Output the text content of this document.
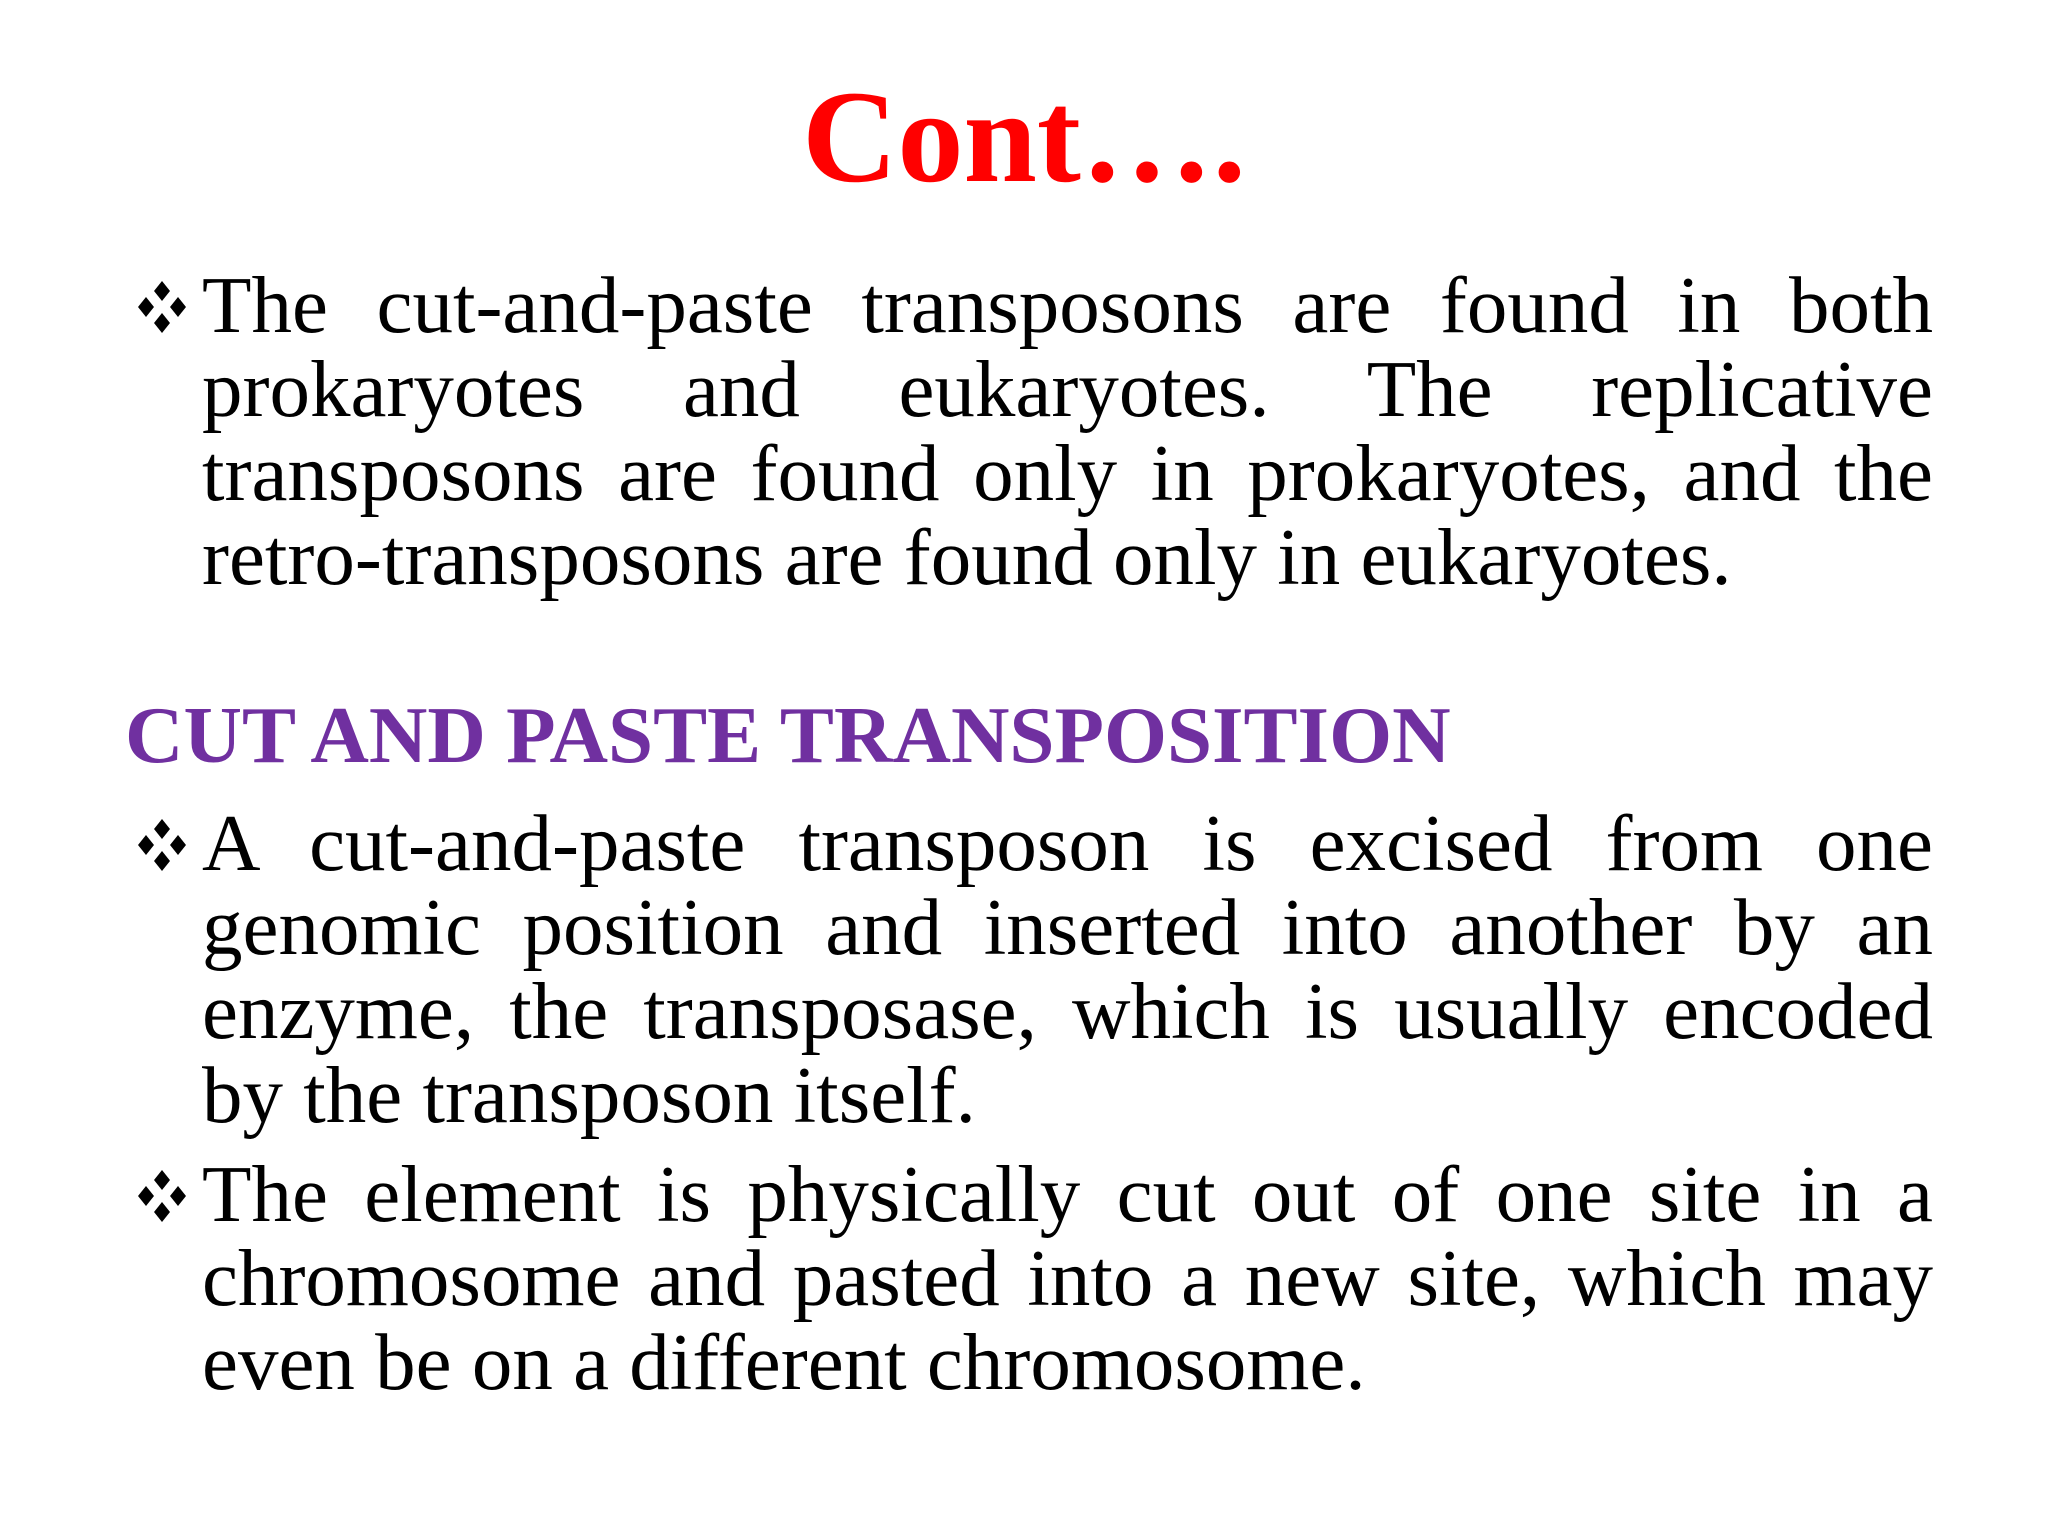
Cont….
The cut-and-paste transposons are found in both prokaryotes and eukaryotes. The replicative transposons are found only in prokaryotes, and the retro-transposons are found only in eukaryotes.
CUT AND PASTE TRANSPOSITION
A cut-and-paste transposon is excised from one genomic position and inserted into another by an enzyme, the transposase, which is usually encoded by the transposon itself.
The element is physically cut out of one site in a chromosome and pasted into a new site, which may even be on a different chromosome.
